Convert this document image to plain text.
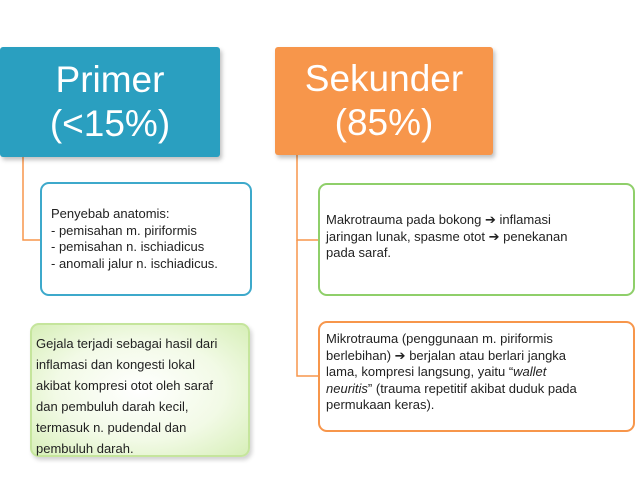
Primer
(<15%)
Sekunder
(85%)
Penyebab anatomis:
- pemisahan m. piriformis
- pemisahan n. ischiadicus
- anomali jalur n. ischiadicus.
Makrotrauma pada bokong ➔ inflamasi
jaringan lunak, spasme otot ➔ penekanan
pada saraf.
Mikrotrauma (penggunaan m. piriformis
berlebihan) ➔ berjalan atau berlari jangka
lama, kompresi langsung, yaitu “wallet
neuritis” (trauma repetitif akibat duduk pada
permukaan keras).
Gejala terjadi sebagai hasil dari
inflamasi dan kongesti lokal
akibat kompresi otot oleh saraf
dan pembuluh darah kecil,
termasuk n. pudendal dan
pembuluh darah.
